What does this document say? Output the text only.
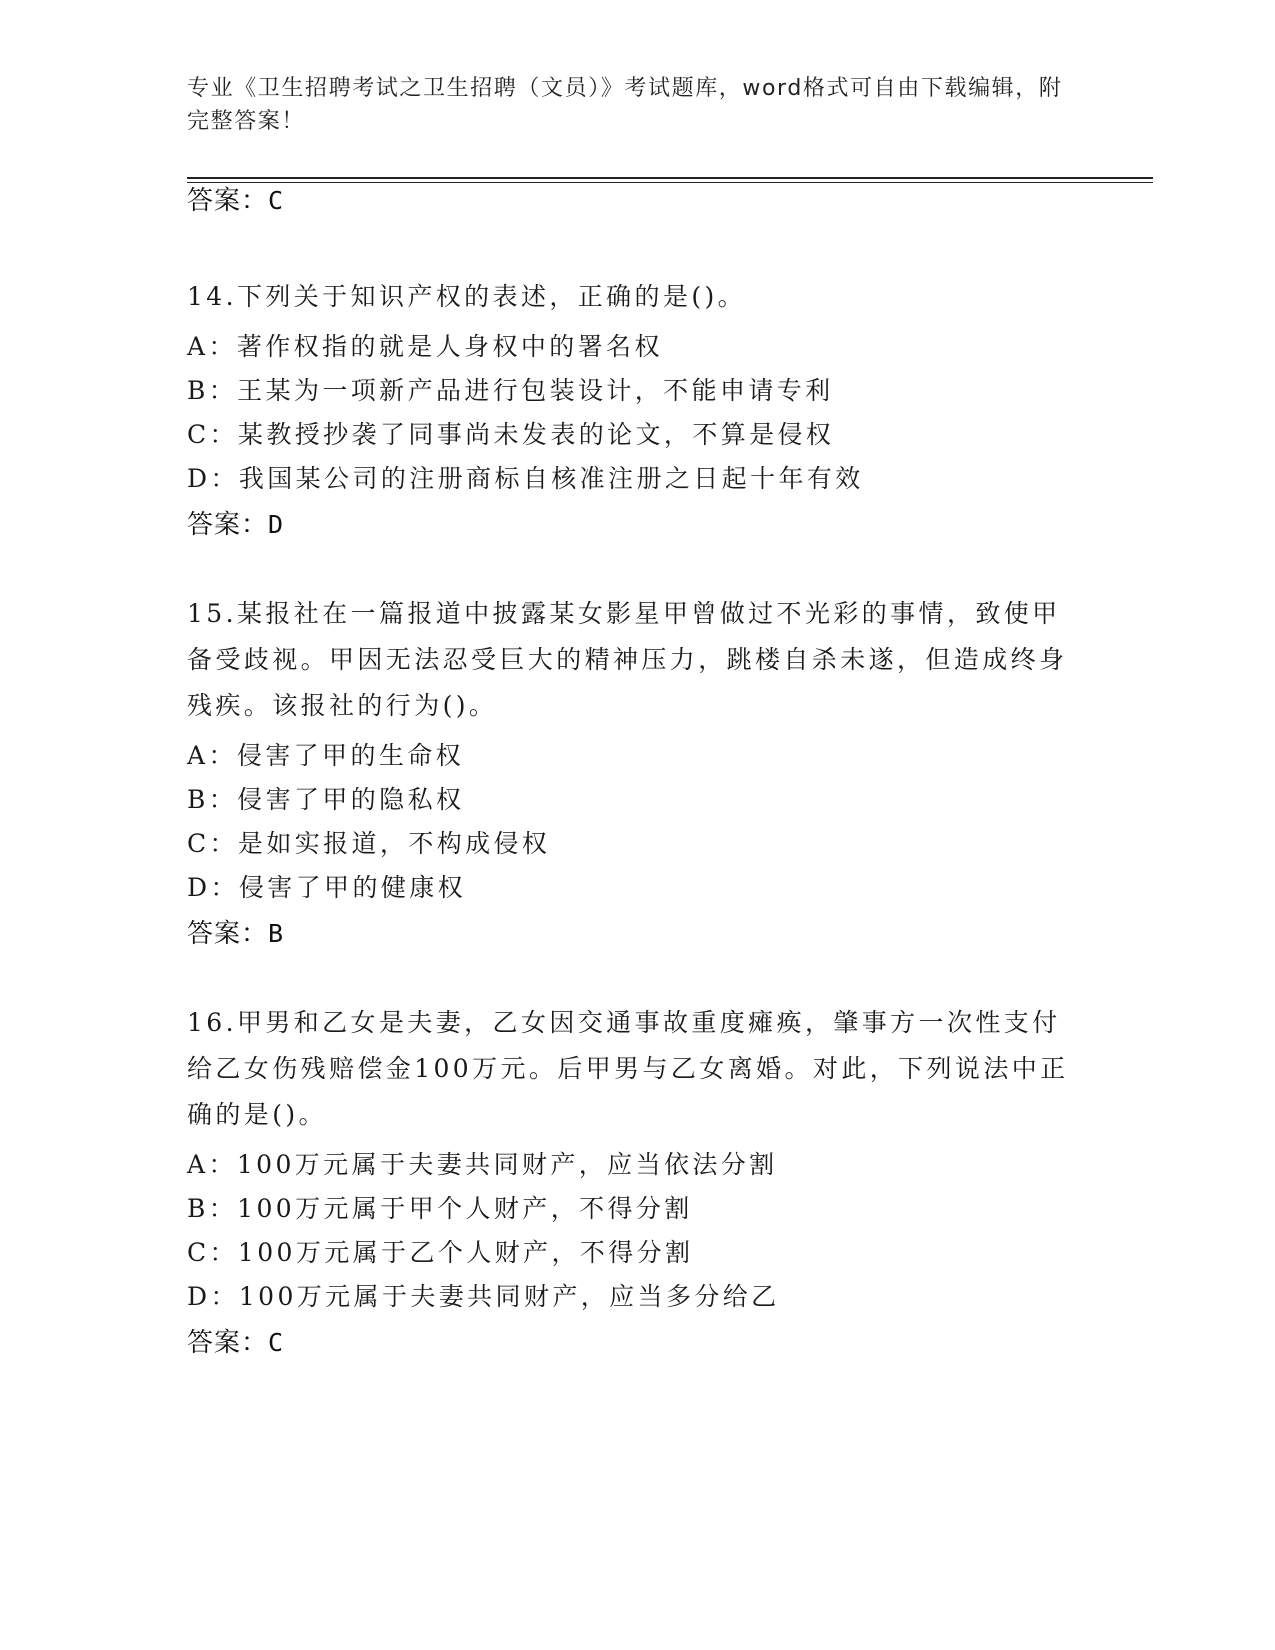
专业《卫生招聘考试之卫生招聘（文员）》考试题库，word格式可自由下载编辑，附完整答案！
答案：C
14.下列关于知识产权的表述，正确的是()。
A：著作权指的就是人身权中的署名权
B：王某为一项新产品进行包装设计，不能申请专利
C：某教授抄袭了同事尚未发表的论文，不算是侵权
D：我国某公司的注册商标自核准注册之日起十年有效
答案：D
15.某报社在一篇报道中披露某女影星甲曾做过不光彩的事情，致使甲备受歧视。甲因无法忍受巨大的精神压力，跳楼自杀未遂，但造成终身残疾。该报社的行为()。
A：侵害了甲的生命权
B：侵害了甲的隐私权
C：是如实报道，不构成侵权
D：侵害了甲的健康权
答案：B
16.甲男和乙女是夫妻，乙女因交通事故重度瘫痪，肇事方一次性支付给乙女伤残赔偿金100万元。后甲男与乙女离婚。对此，下列说法中正确的是()。
A：100万元属于夫妻共同财产，应当依法分割
B：100万元属于甲个人财产，不得分割
C：100万元属于乙个人财产，不得分割
D：100万元属于夫妻共同财产，应当多分给乙
答案：C
